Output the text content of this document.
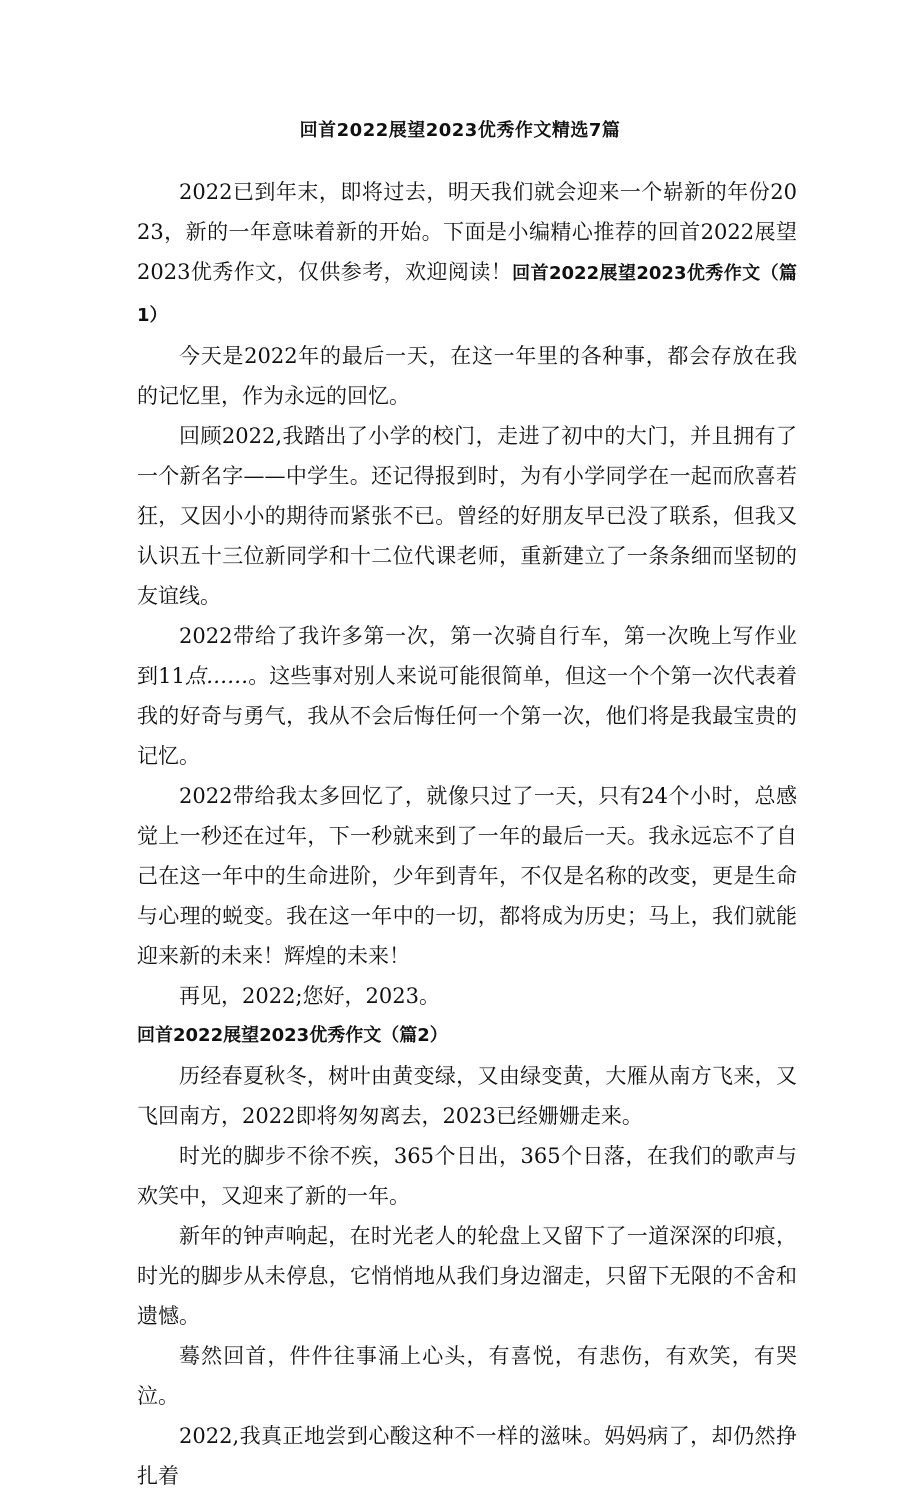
回首2022展望2023优秀作文精选7篇

2022已到年末，即将过去，明天我们就会迎来一个崭新的年份2023，新的一年意味着新的开始。下面是小编精心推荐的回首2022展望2023优秀作文，仅供参考，欢迎阅读！回首2022展望2023优秀作文（篇1）

今天是2022年的最后一天，在这一年里的各种事，都会存放在我的记忆里，作为永远的回忆。

回顾2022,我踏出了小学的校门，走进了初中的大门，并且拥有了一个新名字——中学生。还记得报到时，为有小学同学在一起而欣喜若狂，又因小小的期待而紧张不已。曾经的好朋友早已没了联系，但我又认识五十三位新同学和十二位代课老师，重新建立了一条条细而坚韧的友谊线。

2022带给了我许多第一次，第一次骑自行车，第一次晚上写作业到11点……。这些事对别人来说可能很简单，但这一个个第一次代表着我的好奇与勇气，我从不会后悔任何一个第一次，他们将是我最宝贵的记忆。

2022带给我太多回忆了，就像只过了一天，只有24个小时，总感觉上一秒还在过年，下一秒就来到了一年的最后一天。我永远忘不了自己在这一年中的生命进阶，少年到青年，不仅是名称的改变，更是生命与心理的蜕变。我在这一年中的一切，都将成为历史；马上，我们就能迎来新的未来！辉煌的未来！

再见，2022;您好，2023。

回首2022展望2023优秀作文（篇2）

历经春夏秋冬，树叶由黄变绿，又由绿变黄，大雁从南方飞来，又飞回南方，2022即将匆匆离去，2023已经姗姗走来。

时光的脚步不徐不疾，365个日出，365个日落，在我们的歌声与欢笑中，又迎来了新的一年。

新年的钟声响起，在时光老人的轮盘上又留下了一道深深的印痕，时光的脚步从未停息，它悄悄地从我们身边溜走，只留下无限的不舍和遗憾。

蓦然回首，件件往事涌上心头，有喜悦，有悲伤，有欢笑，有哭泣。

2022,我真正地尝到心酸这种不一样的滋味。妈妈病了，却仍然挣扎着
